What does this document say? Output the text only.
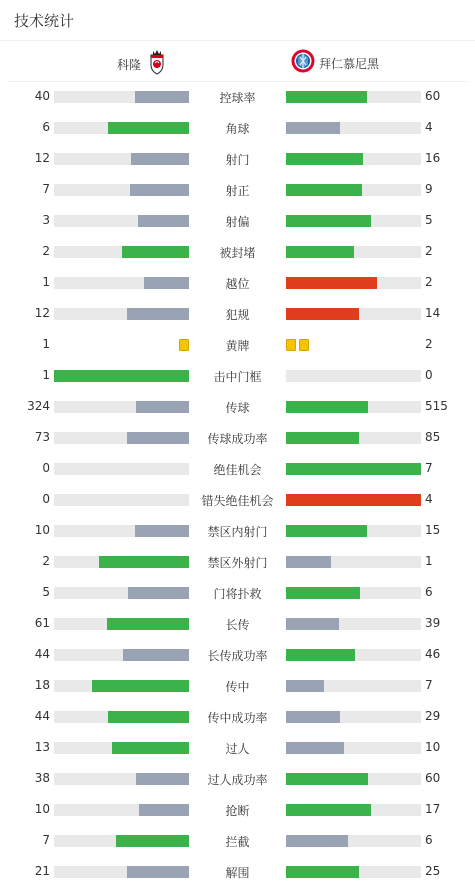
技术统计
科隆	拜仁慕尼黑
40	控球率	60
6	角球	4
12	射门	16
7	射正	9
3	射偏	5
2	被封堵	2
1	越位	2
12	犯规	14
1	黄牌	2
1	击中门框	0
324	传球	515
73	传球成功率	85
0	绝佳机会	7
0	错失绝佳机会	4
10	禁区内射门	15
2	禁区外射门	1
5	门将扑救	6
61	长传	39
44	长传成功率	46
18	传中	7
44	传中成功率	29
13	过人	10
38	过人成功率	60
10	抢断	17
7	拦截	6
21	解围	25
